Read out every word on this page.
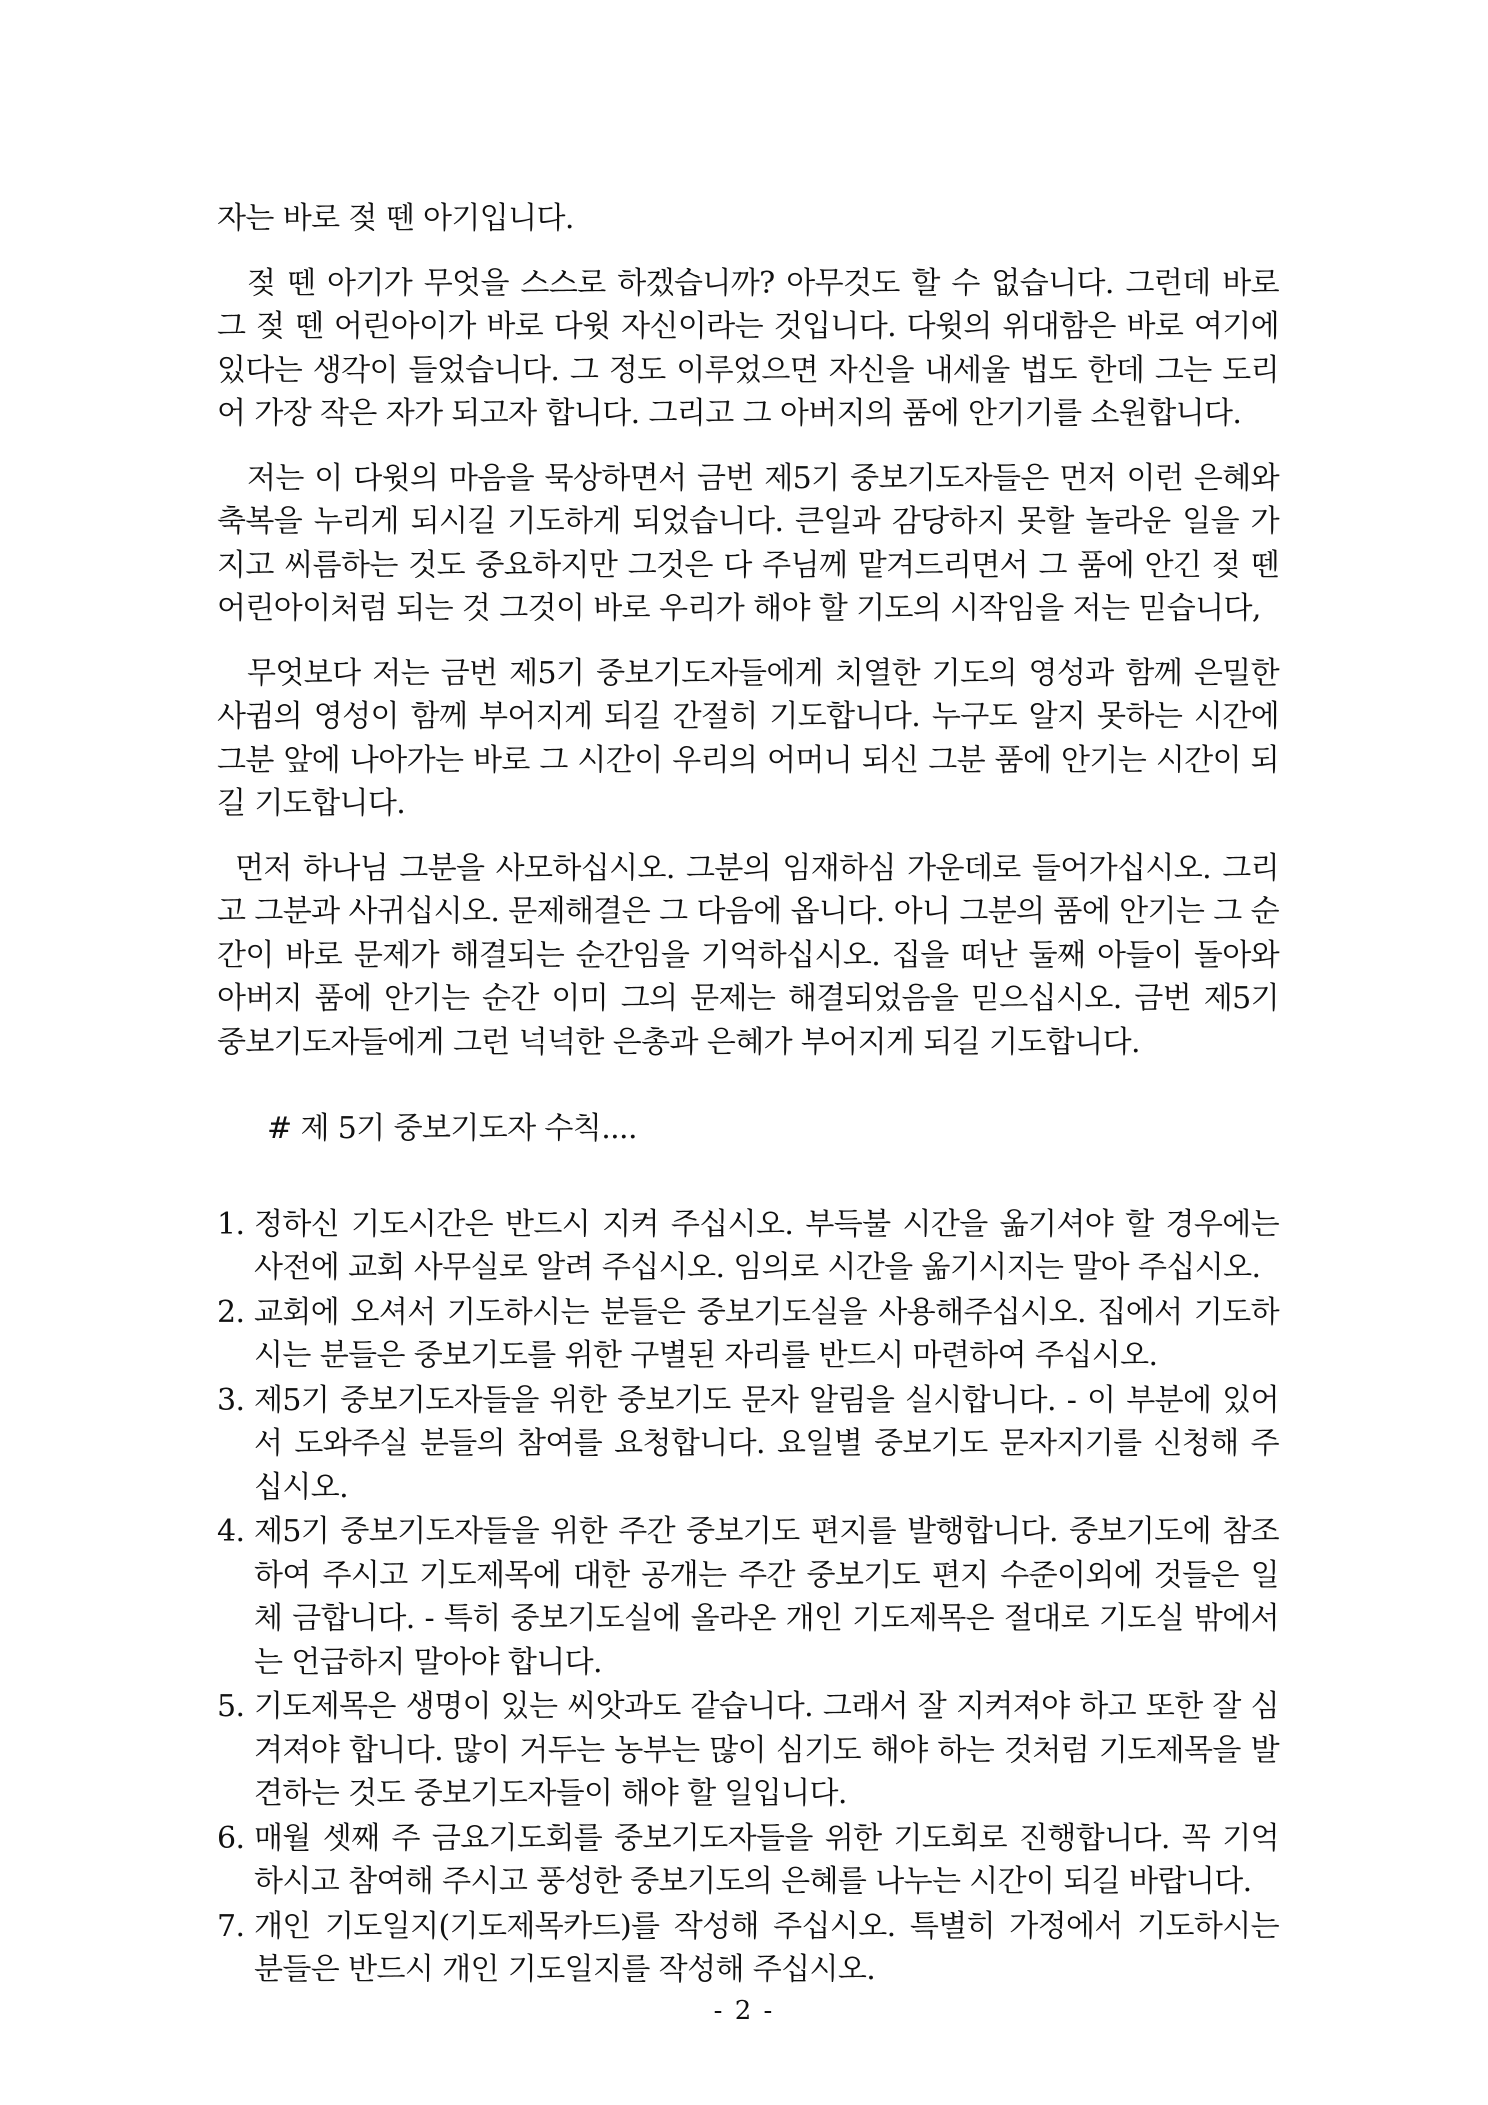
자는 바로 젖 뗀 아기입니다.

젖 뗀 아기가 무엇을 스스로 하겠습니까? 아무것도 할 수 없습니다. 그런데 바로 그 젖 뗀 어린아이가 바로 다윗 자신이라는 것입니다. 다윗의 위대함은 바로 여기에 있다는 생각이 들었습니다. 그 정도 이루었으면 자신을 내세울 법도 한데 그는 도리어 가장 작은 자가 되고자 합니다. 그리고 그 아버지의 품에 안기기를 소원합니다.

저는 이 다윗의 마음을 묵상하면서 금번 제5기 중보기도자들은 먼저 이런 은혜와 축복을 누리게 되시길 기도하게 되었습니다. 큰일과 감당하지 못할 놀라운 일을 가지고 씨름하는 것도 중요하지만 그것은 다 주님께 맡겨드리면서 그 품에 안긴 젖 뗀 어린아이처럼 되는 것 그것이 바로 우리가 해야 할 기도의 시작임을 저는 믿습니다,

무엇보다 저는 금번 제5기 중보기도자들에게 치열한 기도의 영성과 함께 은밀한 사귐의 영성이 함께 부어지게 되길 간절히 기도합니다. 누구도 알지 못하는 시간에 그분 앞에 나아가는 바로 그 시간이 우리의 어머니 되신 그분 품에 안기는 시간이 되길 기도합니다.

먼저 하나님 그분을 사모하십시오. 그분의 임재하심 가운데로 들어가십시오. 그리고 그분과 사귀십시오. 문제해결은 그 다음에 옵니다. 아니 그분의 품에 안기는 그 순간이 바로 문제가 해결되는 순간임을 기억하십시오. 집을 떠난 둘째 아들이 돌아와 아버지 품에 안기는 순간 이미 그의 문제는 해결되었음을 믿으십시오. 금번 제5기 중보기도자들에게 그런 넉넉한 은총과 은혜가 부어지게 되길 기도합니다.

# 제 5기 중보기도자 수칙....

1. 정하신 기도시간은 반드시 지켜 주십시오. 부득불 시간을 옮기셔야 할 경우에는 사전에 교회 사무실로 알려 주십시오. 임의로 시간을 옮기시지는 말아 주십시오.
2. 교회에 오셔서 기도하시는 분들은 중보기도실을 사용해주십시오. 집에서 기도하시는 분들은 중보기도를 위한 구별된 자리를 반드시 마련하여 주십시오.
3. 제5기 중보기도자들을 위한 중보기도 문자 알림을 실시합니다. - 이 부분에 있어서 도와주실 분들의 참여를 요청합니다. 요일별 중보기도 문자지기를 신청해 주십시오.
4. 제5기 중보기도자들을 위한 주간 중보기도 편지를 발행합니다. 중보기도에 참조하여 주시고 기도제목에 대한 공개는 주간 중보기도 편지 수준이외에 것들은 일체 금합니다. - 특히 중보기도실에 올라온 개인 기도제목은 절대로 기도실 밖에서는 언급하지 말아야 합니다.
5. 기도제목은 생명이 있는 씨앗과도 같습니다. 그래서 잘 지켜져야 하고 또한 잘 심겨져야 합니다. 많이 거두는 농부는 많이 심기도 해야 하는 것처럼 기도제목을 발견하는 것도 중보기도자들이 해야 할 일입니다.
6. 매월 셋째 주 금요기도회를 중보기도자들을 위한 기도회로 진행합니다. 꼭 기억하시고 참여해 주시고 풍성한 중보기도의 은혜를 나누는 시간이 되길 바랍니다.
7. 개인 기도일지(기도제목카드)를 작성해 주십시오. 특별히 가정에서 기도하시는 분들은 반드시 개인 기도일지를 작성해 주십시오.
- 2 -
